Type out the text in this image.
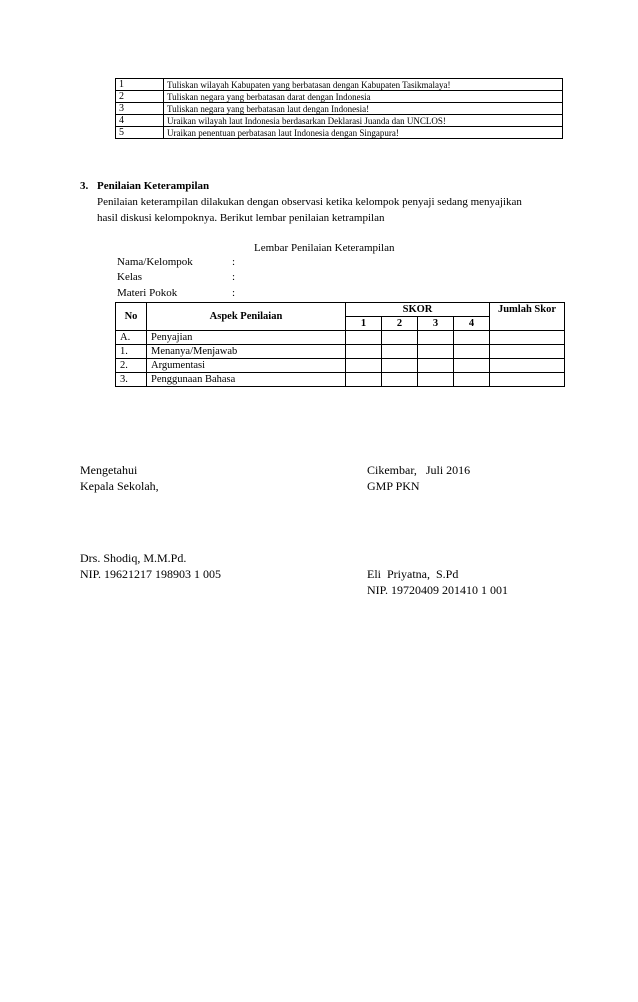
1	Tuliskan wilayah Kabupaten yang berbatasan dengan Kabupaten Tasikmalaya!
2	Tuliskan negara yang berbatasan darat dengan Indonesia
3	Tuliskan negara yang berbatasan laut dengan Indonesia!
4	Uraikan wilayah laut Indonesia berdasarkan Deklarasi Juanda dan UNCLOS!
5	Uraikan penentuan perbatasan laut Indonesia dengan Singapura!
3. Penilaian Keterampilan
Penilaian keterampilan dilakukan dengan observasi ketika kelompok penyaji sedang menyajikan
hasil diskusi kelompoknya. Berikut lembar penilaian ketrampilan
Lembar Penilaian Keterampilan
Nama/Kelompok	:
Kelas	:
Materi Pokok	:
No	Aspek Penilaian	SKOR				Jumlah Skor
		1	2	3	4	
A.	Penyajian					
1.	Menanya/Menjawab					
2.	Argumentasi					
3.	Penggunaan Bahasa					
Mengetahui
Kepala Sekolah,
Cikembar,   Juli 2016
GMP PKN
Drs. Shodiq, M.M.Pd.
NIP. 19621217 198903 1 005	Eli  Priyatna,  S.Pd
NIP. 19720409 201410 1 001
